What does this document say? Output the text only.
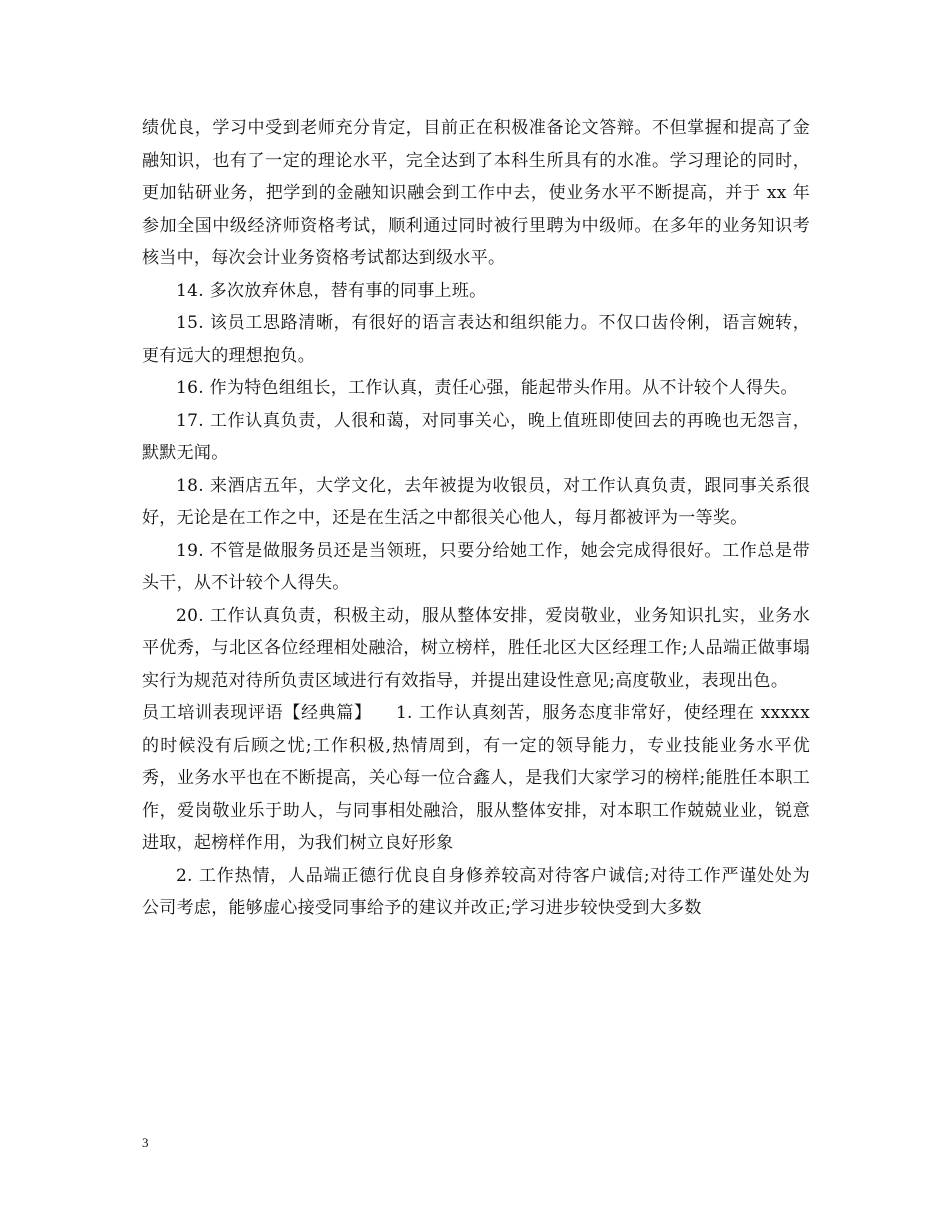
绩优良，学习中受到老师充分肯定，目前正在积极准备论文答辩。不但掌握和提高了金融知识，也有了一定的理论水平，完全达到了本科生所具有的水准。学习理论的同时，更加钻研业务，把学到的金融知识融会到工作中去，使业务水平不断提高，并于 xx 年参加全国中级经济师资格考试，顺利通过同时被行里聘为中级师。在多年的业务知识考核当中，每次会计业务资格考试都达到级水平。

14. 多次放弃休息，替有事的同事上班。

15. 该员工思路清晰，有很好的语言表达和组织能力。不仅口齿伶俐，语言婉转，更有远大的理想抱负。

16. 作为特色组组长，工作认真，责任心强，能起带头作用。从不计较个人得失。

17. 工作认真负责，人很和蔼，对同事关心，晚上值班即使回去的再晚也无怨言，默默无闻。

18. 来酒店五年，大学文化，去年被提为收银员，对工作认真负责，跟同事关系很好，无论是在工作之中，还是在生活之中都很关心他人，每月都被评为一等奖。

19. 不管是做服务员还是当领班，只要分给她工作，她会完成得很好。工作总是带头干，从不计较个人得失。

20. 工作认真负责，积极主动，服从整体安排，爱岗敬业，业务知识扎实，业务水平优秀，与北区各位经理相处融洽，树立榜样，胜任北区大区经理工作;人品端正做事塌实行为规范对待所负责区域进行有效指导，并提出建设性意见;高度敬业，表现出色。

员工培训表现评语【经典篇】    1. 工作认真刻苦，服务态度非常好，使经理在 xxxxx 的时候没有后顾之忧;工作积极,热情周到，有一定的领导能力，专业技能业务水平优秀，业务水平也在不断提高，关心每一位合鑫人，是我们大家学习的榜样;能胜任本职工作，爱岗敬业乐于助人，与同事相处融洽，服从整体安排，对本职工作兢兢业业，锐意进取，起榜样作用，为我们树立良好形象

2. 工作热情，人品端正德行优良自身修养较高对待客户诚信;对待工作严谨处处为公司考虑，能够虚心接受同事给予的建议并改正;学习进步较快受到大多数

3
